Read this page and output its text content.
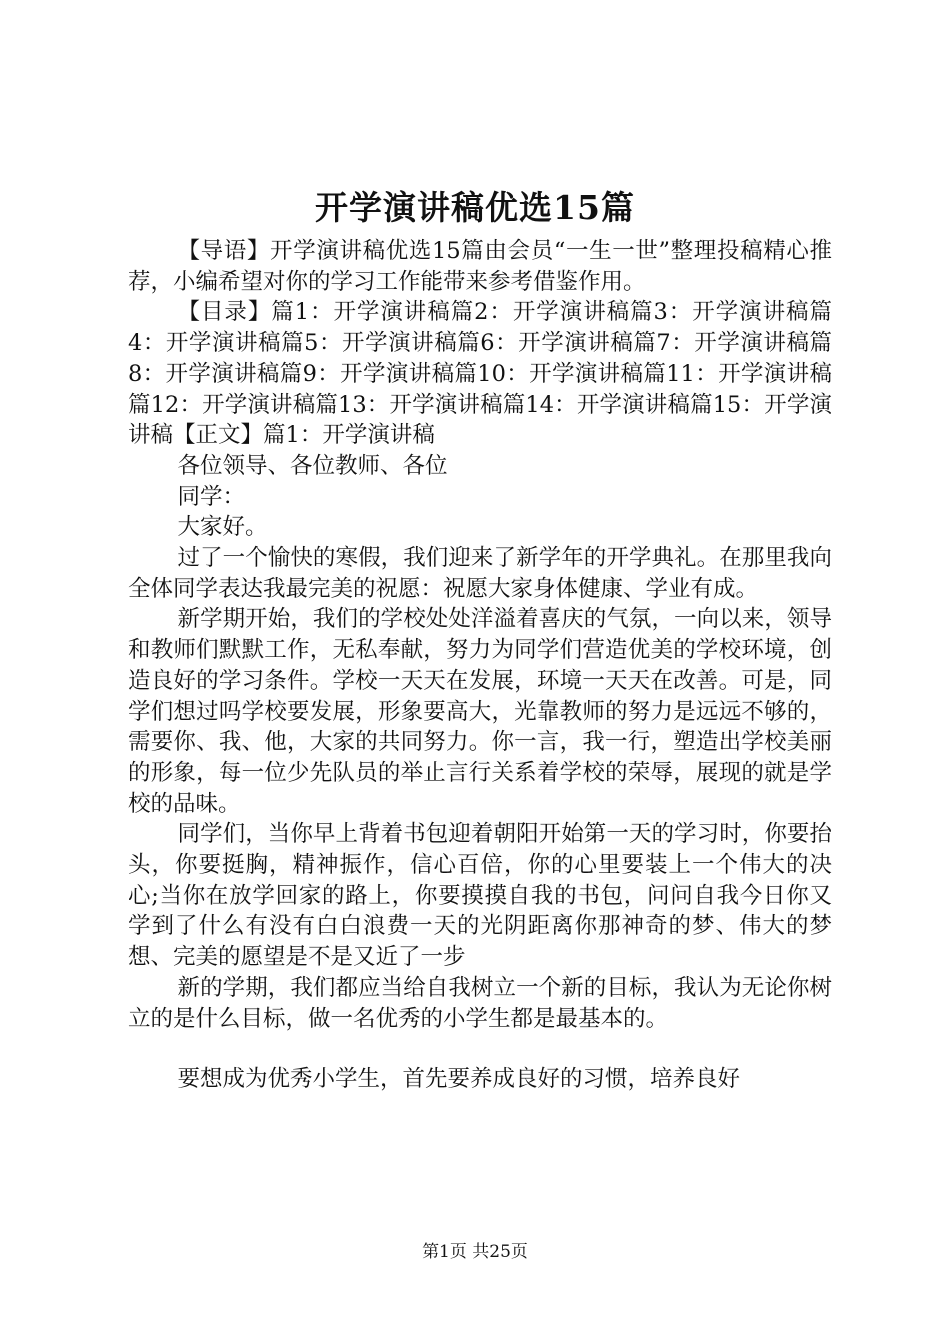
开学演讲稿优选15篇

【导语】开学演讲稿优选15篇由会员“一生一世”整理投稿精心推荐，小编希望对你的学习工作能带来参考借鉴作用。

【目录】篇1：开学演讲稿篇2：开学演讲稿篇3：开学演讲稿篇4：开学演讲稿篇5：开学演讲稿篇6：开学演讲稿篇7：开学演讲稿篇8：开学演讲稿篇9：开学演讲稿篇10：开学演讲稿篇11：开学演讲稿篇12：开学演讲稿篇13：开学演讲稿篇14：开学演讲稿篇15：开学演讲稿【正文】篇1：开学演讲稿

各位领导、各位教师、各位

同学：

大家好。

过了一个愉快的寒假，我们迎来了新学年的开学典礼。在那里我向全体同学表达我最完美的祝愿：祝愿大家身体健康、学业有成。

新学期开始，我们的学校处处洋溢着喜庆的气氛，一向以来，领导和教师们默默工作，无私奉献，努力为同学们营造优美的学校环境，创造良好的学习条件。学校一天天在发展，环境一天天在改善。可是，同学们想过吗学校要发展，形象要高大，光靠教师的努力是远远不够的，需要你、我、他，大家的共同努力。你一言，我一行，塑造出学校美丽的形象，每一位少先队员的举止言行关系着学校的荣辱，展现的就是学校的品味。

同学们，当你早上背着书包迎着朝阳开始第一天的学习时，你要抬头，你要挺胸，精神振作，信心百倍，你的心里要装上一个伟大的决心;当你在放学回家的路上，你要摸摸自我的书包，问问自我今日你又学到了什么有没有白白浪费一天的光阴距离你那神奇的梦、伟大的梦想、完美的愿望是不是又近了一步

新的学期，我们都应当给自我树立一个新的目标，我认为无论你树立的是什么目标，做一名优秀的小学生都是最基本的。

要想成为优秀小学生，首先要养成良好的习惯，培养良好

第1页 共25页
